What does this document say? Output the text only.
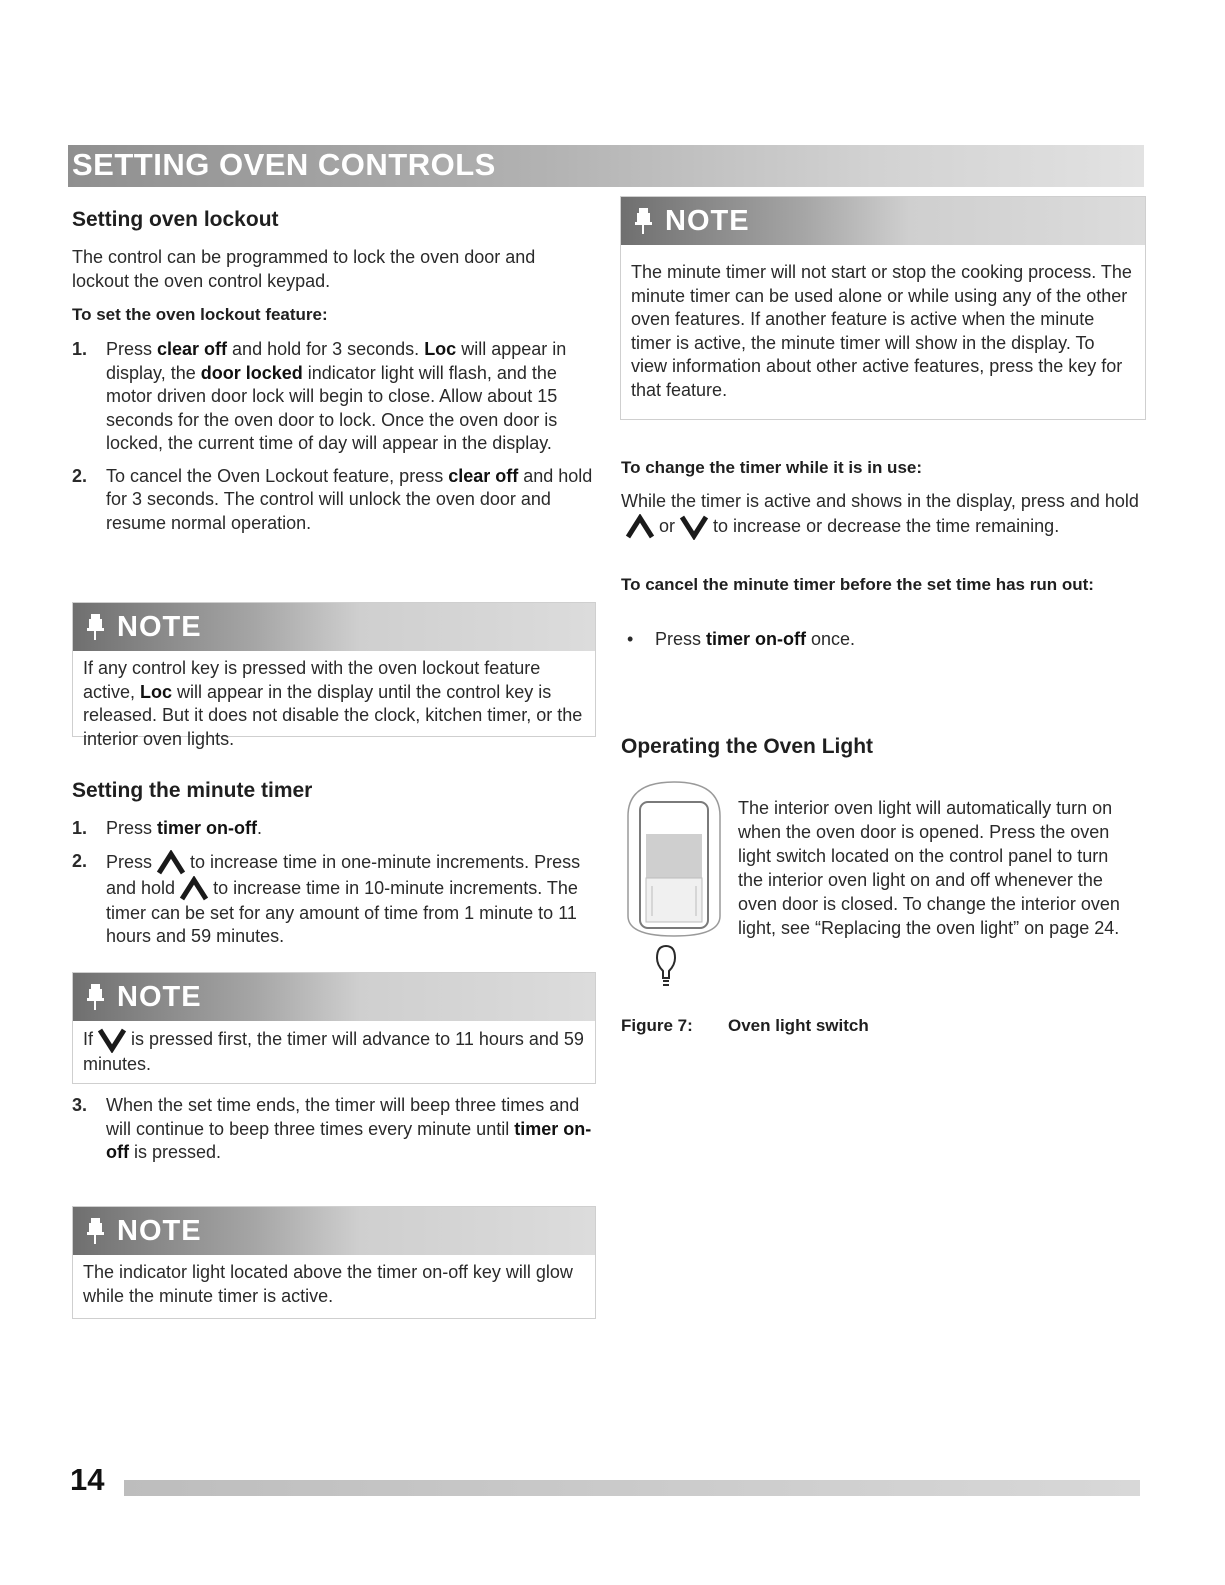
SETTING OVEN CONTROLS
Setting oven lockout

The control can be programmed to lock the oven door and lockout the oven control keypad.

To set the oven lockout feature:

1. Press clear off and hold for 3 seconds. Loc will appear in display, the door locked indicator light will flash, and the motor driven door lock will begin to close. Allow about 15 seconds for the oven door to lock. Once the oven door is locked, the current time of day will appear in the display.
2. To cancel the Oven Lockout feature, press clear off and hold for 3 seconds. The control will unlock the oven door and resume normal operation.
NOTE
If any control key is pressed with the oven lockout feature active, Loc will appear in the display until the control key is released. But it does not disable the clock, kitchen timer, or the interior oven lights.
Setting the minute timer
1. Press timer on-off.
2. Press to increase time in one-minute increments. Press and hold to increase time in 10-minute increments. The timer can be set for any amount of time from 1 minute to 11 hours and 59 minutes.
NOTE
If is pressed first, the timer will advance to 11 hours and 59 minutes.
3. When the set time ends, the timer will beep three times and will continue to beep three times every minute until timer on-off is pressed.
NOTE
The indicator light located above the timer on-off key will glow while the minute timer is active.
NOTE
The minute timer will not start or stop the cooking process. The minute timer can be used alone or while using any of the other oven features. If another feature is active when the minute timer is active, the minute timer will show in the display. To view information about other active features, press the key for that feature.

To change the timer while it is in use:

While the timer is active and shows in the display, press and holdor to increase or decrease the time remaining.

To cancel the minute timer before the set time has run out:

• Press timer on-off once.
Operating the Oven Light

The interior oven light will automatically turn on when the oven door is opened. Press the oven light switch located on the control panel to turn the interior oven light on and off whenever the oven door is closed. To change the interior oven light, see “Replacing the oven light” on page 24.

Figure 7: Oven light switch
14
